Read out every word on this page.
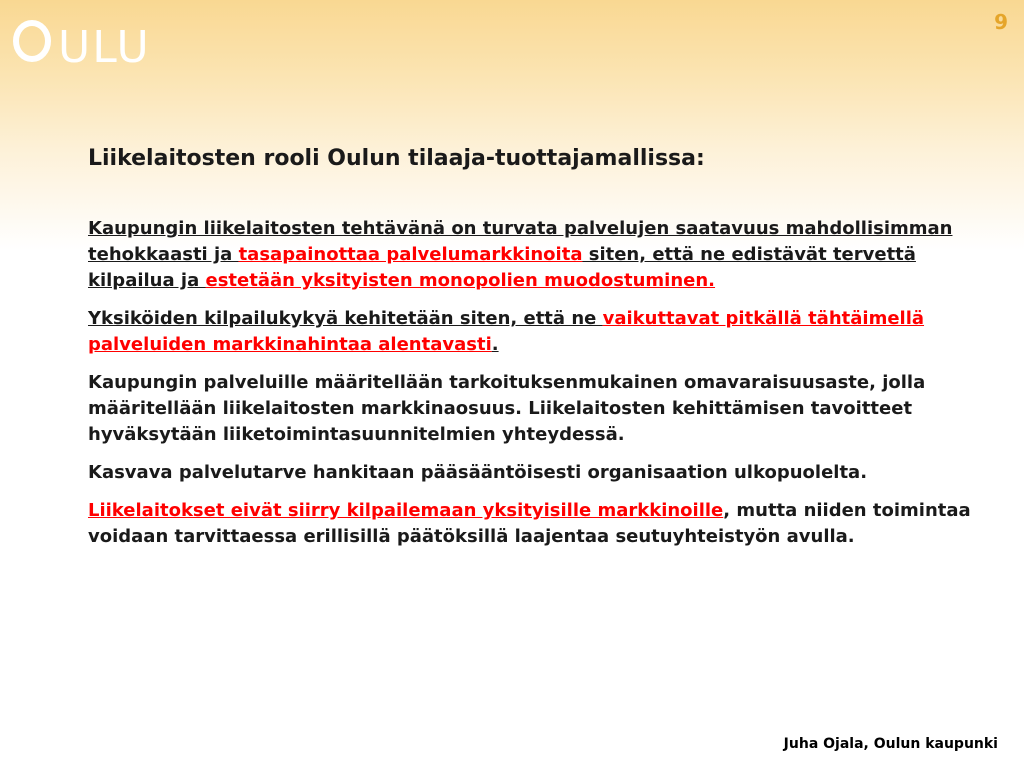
ULU	9
Liikelaitosten rooli Oulun tilaaja-tuottajamallissa:

Kaupungin liikelaitosten tehtävänä on turvata palvelujen saatavuus mahdollisimman tehokkaasti ja tasapainottaa palvelumarkkinoita siten, että ne edistävät tervettä kilpailua ja estetään yksityisten monopolien muodostuminen.

Yksiköiden kilpailukykyä kehitetään siten, että ne vaikuttavat pitkällä tähtäimellä palveluiden markkinahintaa alentavasti.

Kaupungin palveluille määritellään tarkoituksenmukainen omavaraisuusaste, jolla määritellään liikelaitosten markkinaosuus. Liikelaitosten kehittämisen tavoitteet hyväksytään liiketoimintasuunnitelmien yhteydessä.

Kasvava palvelutarve hankitaan pääsääntöisesti organisaation ulkopuolelta.

Liikelaitokset eivät siirry kilpailemaan yksityisille markkinoille, mutta niiden toimintaa voidaan tarvittaessa erillisillä päätöksillä laajentaa seutuyhteistyön avulla.

Juha Ojala, Oulun kaupunki
